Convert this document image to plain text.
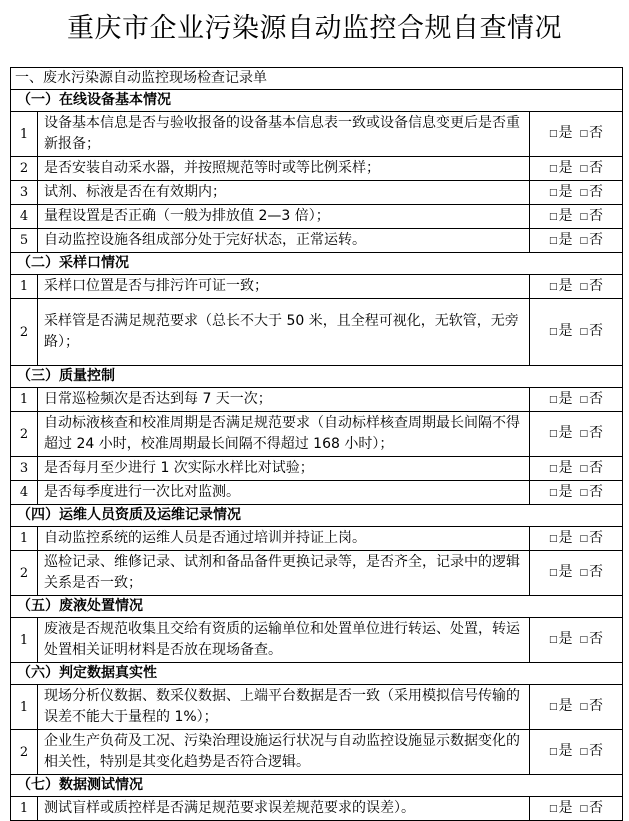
重庆市企业污染源自动监控合规自查情况
一、废水污染源自动监控现场检查记录单		
（一）在线设备基本情况		
1	设备基本信息是否与验收报备的设备基本信息表一致或设备信息变更后是否重新报备；	□是 □否
2	是否安装自动采水器，并按照规范等时或等比例采样；	□是 □否
3	试剂、标液是否在有效期内；	□是 □否
4	量程设置是否正确（一般为排放值 2—3 倍）；	□是 □否
5	自动监控设施各组成部分处于完好状态，正常运转。	□是 □否
（二）采样口情况		
1	采样口位置是否与排污许可证一致；	□是 □否
2	采样管是否满足规范要求（总长不大于 50 米，且全程可视化，无软管，无旁路）；	□是 □否
（三）质量控制		
1	日常巡检频次是否达到每 7 天一次；	□是 □否
2	自动标液核查和校准周期是否满足规范要求（自动标样核查周期最长间隔不得超过 24 小时，校准周期最长间隔不得超过 168 小时）；	□是 □否
3	是否每月至少进行 1 次实际水样比对试验；	□是 □否
4	是否每季度进行一次比对监测。	□是 □否
（四）运维人员资质及运维记录情况		
1	自动监控系统的运维人员是否通过培训并持证上岗。	□是 □否
2	巡检记录、维修记录、试剂和备品备件更换记录等，是否齐全，记录中的逻辑关系是否一致；	□是 □否
（五）废液处置情况		
1	废液是否规范收集且交给有资质的运输单位和处置单位进行转运、处置，转运处置相关证明材料是否放在现场备查。	□是 □否
（六）判定数据真实性		
1	现场分析仪数据、数采仪数据、上端平台数据是否一致（采用模拟信号传输的误差不能大于量程的 1%）；	□是 □否
2	企业生产负荷及工况、污染治理设施运行状况与自动监控设施显示数据变化的相关性，特别是其变化趋势是否符合逻辑。	□是 □否
（七）数据测试情况		
1	测试盲样或质控样是否满足规范要求误差规范要求的误差）。	□是 □否
